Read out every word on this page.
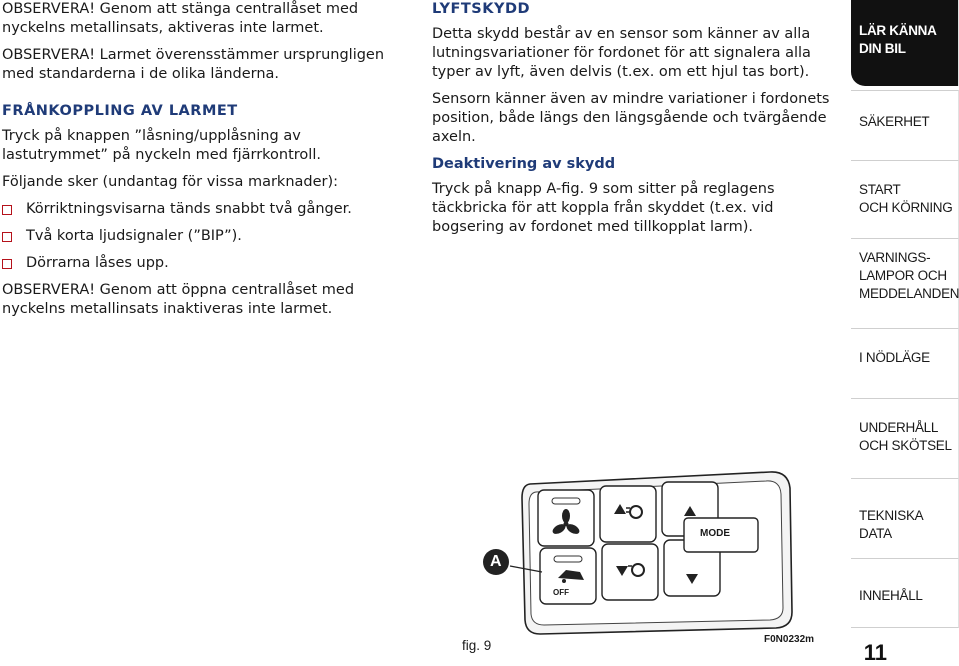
OBSERVERA! Genom att stänga centrallåset med nyckelns metallinsats, aktiveras inte larmet.

OBSERVERA! Larmet överensstämmer ursprungligen med standarderna i de olika länderna.

FRÅNKOPPLING AV LARMET

Tryck på knappen ”låsning/upplåsning av lastutrymmet” på nyckeln med fjärrkontroll.

Följande sker (undantag för vissa marknader):

Körriktningsvisarna tänds snabbt två gånger.
Två korta ljudsignaler (”BIP”).
Dörrarna låses upp.

OBSERVERA! Genom att öppna centrallåset med nyckelns metallinsats inaktiveras inte larmet.

LYFTSKYDD

Detta skydd består av en sensor som känner av alla lutningsvariationer för fordonet för att signalera alla typer av lyft, även delvis (t.ex. om ett hjul tas bort).

Sensorn känner även av mindre variationer i fordonets position, både längs den längsgående och tvärgående axeln.

Deaktivering av skydd

Tryck på knapp A-fig. 9 som sitter på reglagens täckbricka för att koppla från skyddet (t.ex. vid bogsering av fordonet med tillkopplat larm).

A
MODE
OFF
fig. 9	F0N0232m
LÄR KÄNNA
DIN BIL
SÄKERHET
START
OCH KÖRNING
VARNINGS-
LAMPOR OCH
MEDDELANDEN
I NÖDLÄGE
UNDERHÅLL
OCH SKÖTSEL
TEKNISKA DATA
INNEHÅLL
11
